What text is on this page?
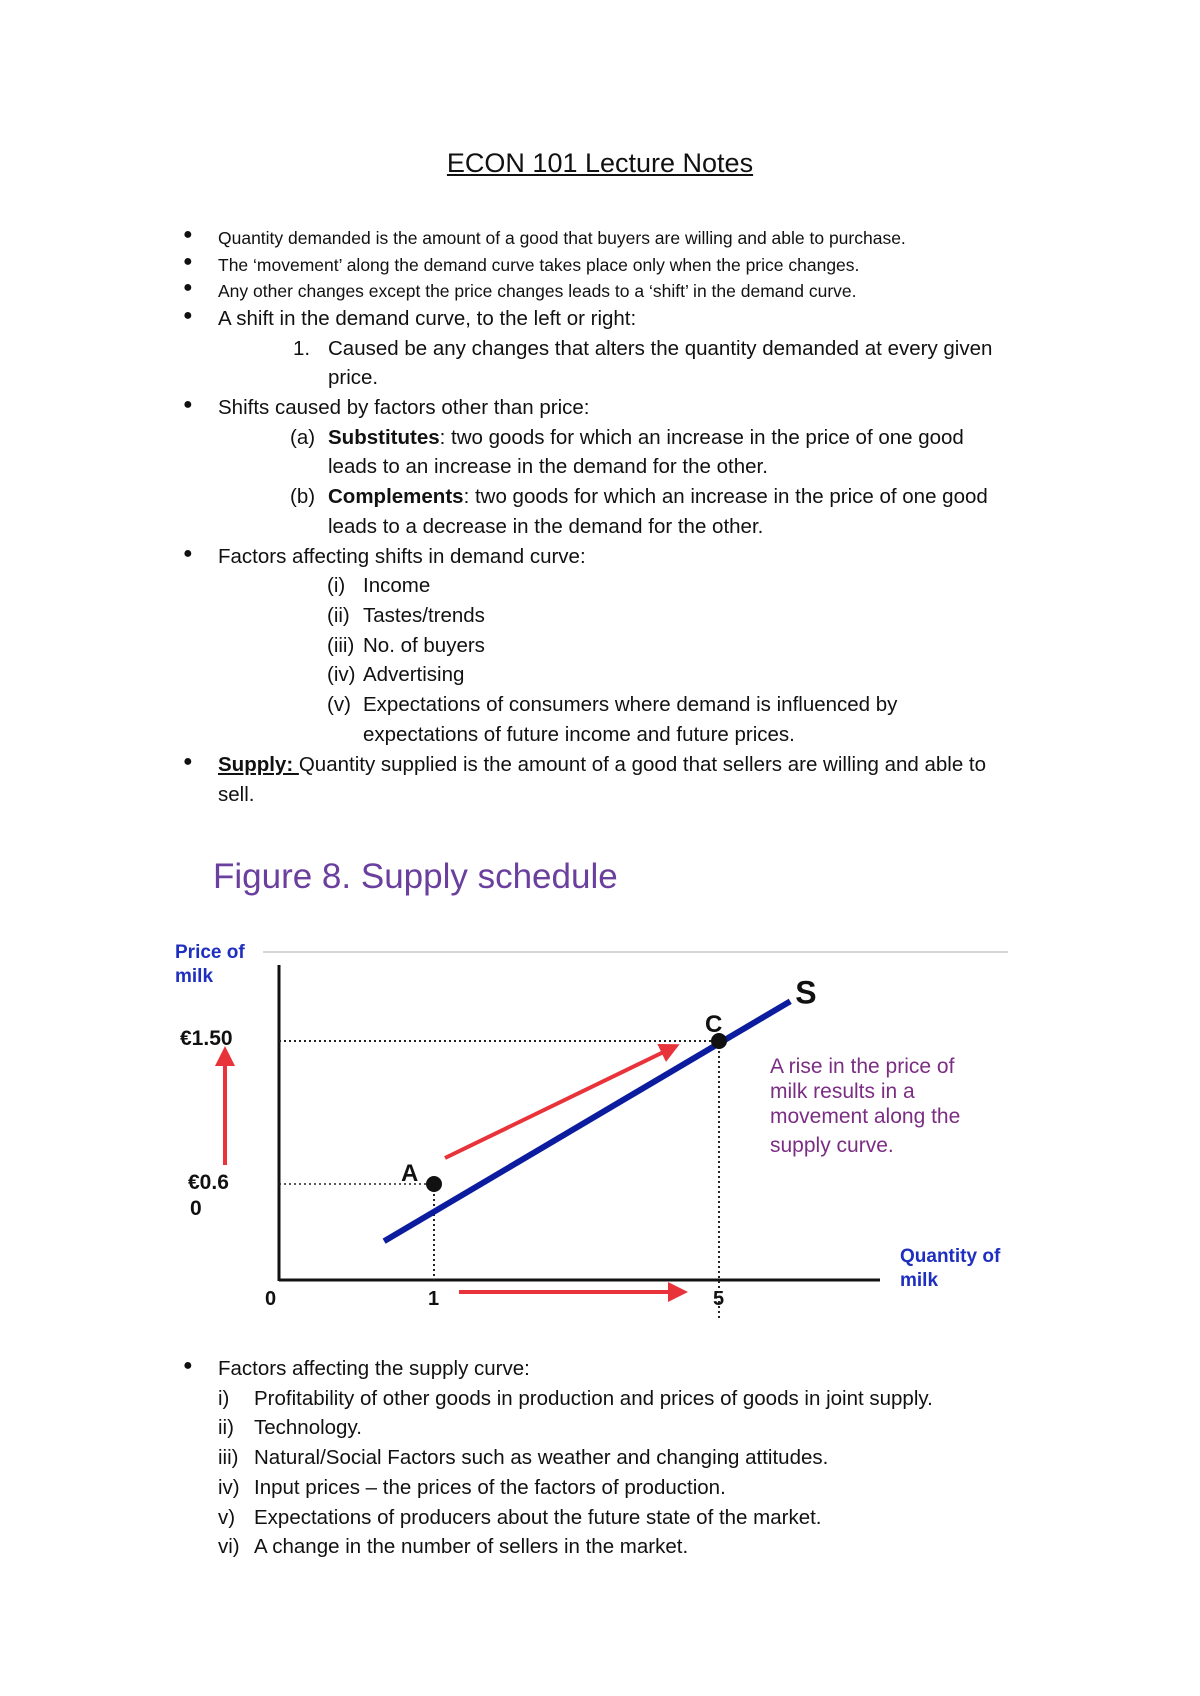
ECON 101 Lecture Notes
● Quantity demanded is the amount of a good that buyers are willing and able to purchase.
● The ‘movement’ along the demand curve takes place only when the price changes.
● Any other changes except the price changes leads to a ‘shift’ in the demand curve.
● A shift in the demand curve, to the left or right:
1. Caused be any changes that alters the quantity demanded at every given
price.
● Shifts caused by factors other than price:
(a) Substitutes: two goods for which an increase in the price of one good
leads to an increase in the demand for the other.
(b) Complements: two goods for which an increase in the price of one good
leads to a decrease in the demand for the other.
● Factors affecting shifts in demand curve:
(i) Income
(ii) Tastes/trends
(iii) No. of buyers
(iv) Advertising
(v) Expectations of consumers where demand is influenced by
expectations of future income and future prices.
● Supply: Quantity supplied is the amount of a good that sellers are willing and able to
sell.
Figure 8. Supply schedule
Price of
milk
Quantity of
milk
€1.50
€0.6
0
0	1	5
S
A
C
A rise in the price of
milk results in a
movement along the
supply curve.
● Factors affecting the supply curve:
i) Profitability of other goods in production and prices of goods in joint supply.
ii) Technology.
iii) Natural/Social Factors such as weather and changing attitudes.
iv) Input prices – the prices of the factors of production.
v) Expectations of producers about the future state of the market.
vi) A change in the number of sellers in the market.
